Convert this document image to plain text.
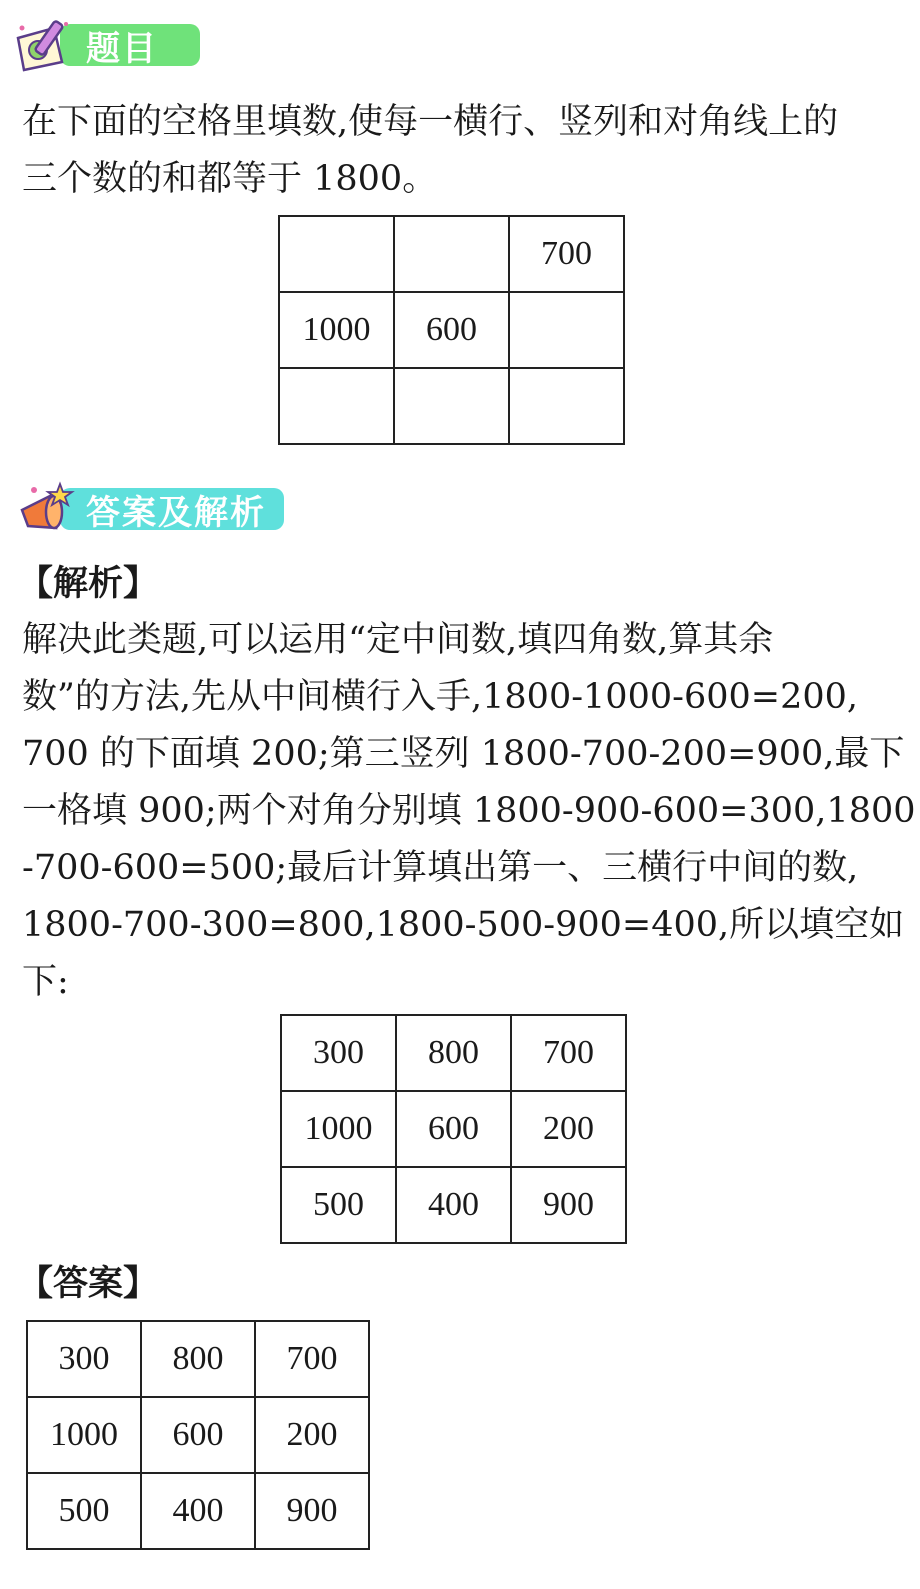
题目

在下面的空格里填数,使每一横行、竖列和对角线上的

三个数的和都等于 1800。

		700
1000	600	

答案及解析
【解析】

解决此类题,可以运用“定中间数,填四角数,算其余

数”的方法,先从中间横行入手,1800-1000-600=200,

700 的下面填 200;第三竖列 1800-700-200=900,最下

一格填 900;两个对角分别填 1800-900-600=300,1800

-700-600=500;最后计算填出第一、三横行中间的数,

1800-700-300=800,1800-500-900=400,所以填空如

下:

300	800	700
1000	600	200
500	400	900
【答案】
300	800	700
1000	600	200
500	400	900
